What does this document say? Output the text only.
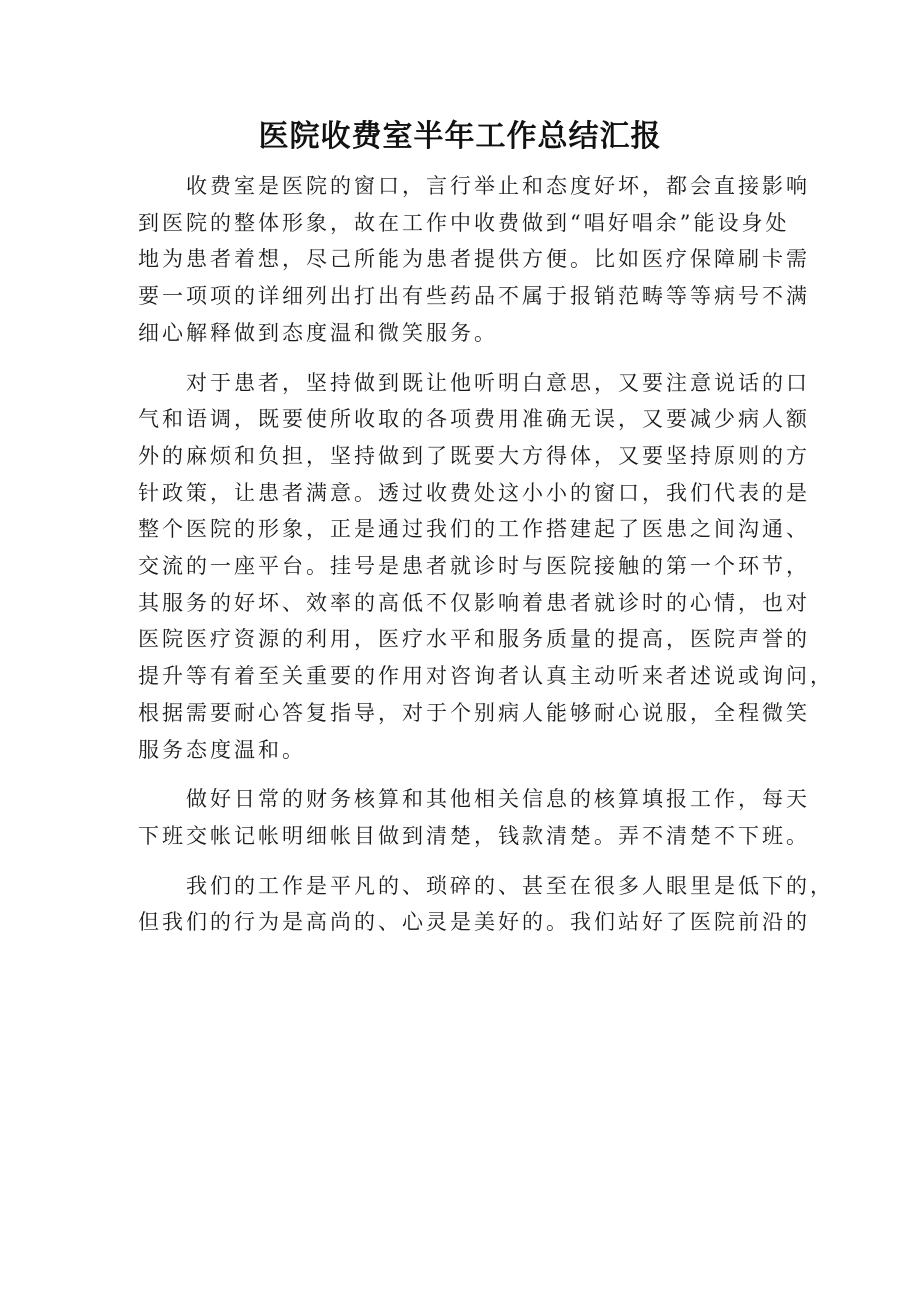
医院收费室半年工作总结汇报

收费室是医院的窗口，言行举止和态度好坏，都会直接影响
到医院的整体形象，故在工作中收费做到“唱好唱余”能设身处
地为患者着想，尽己所能为患者提供方便。比如医疗保障刷卡需
要一项项的详细列出打出有些药品不属于报销范畴等等病号不满
细心解释做到态度温和微笑服务。

对于患者，坚持做到既让他听明白意思，又要注意说话的口
气和语调，既要使所收取的各项费用准确无误，又要减少病人额
外的麻烦和负担，坚持做到了既要大方得体，又要坚持原则的方
针政策，让患者满意。透过收费处这小小的窗口，我们代表的是
整个医院的形象，正是通过我们的工作搭建起了医患之间沟通、
交流的一座平台。挂号是患者就诊时与医院接触的第一个环节，
其服务的好坏、效率的高低不仅影响着患者就诊时的心情，也对
医院医疗资源的利用，医疗水平和服务质量的提高，医院声誉的
提升等有着至关重要的作用对咨询者认真主动听来者述说或询问，
根据需要耐心答复指导，对于个别病人能够耐心说服，全程微笑
服务态度温和。

做好日常的财务核算和其他相关信息的核算填报工作，每天
下班交帐记帐明细帐目做到清楚，钱款清楚。弄不清楚不下班。

我们的工作是平凡的、琐碎的、甚至在很多人眼里是低下的，
但我们的行为是高尚的、心灵是美好的。我们站好了医院前沿的
